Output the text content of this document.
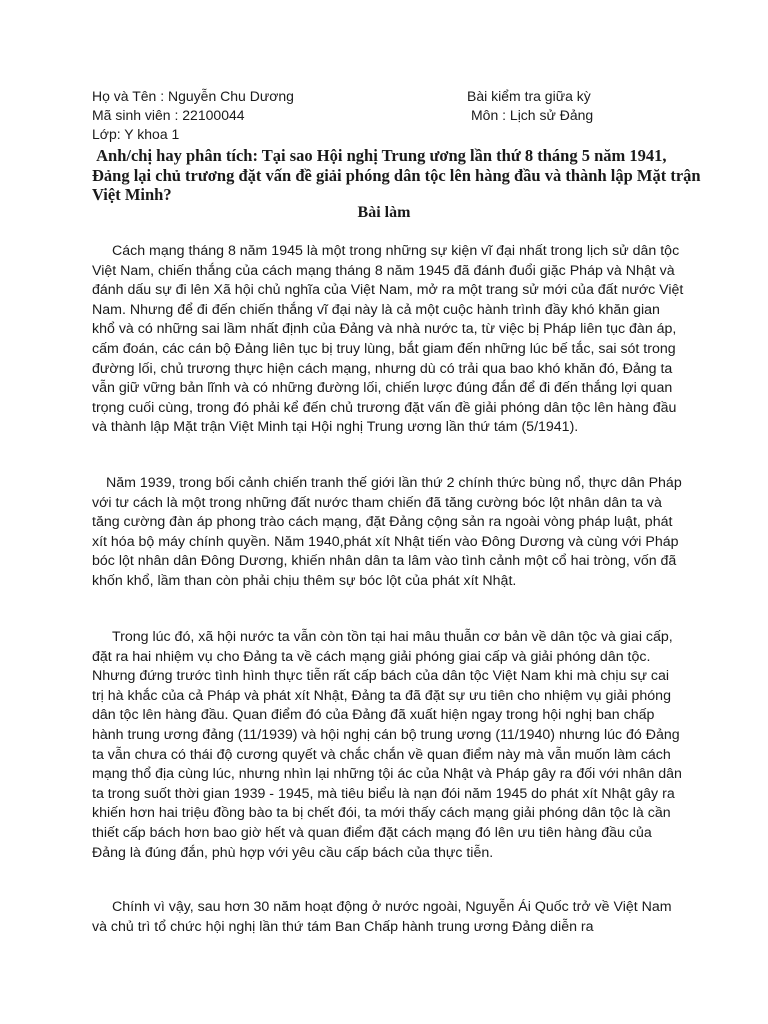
Họ và Tên : Nguyễn Chu Dương
Mã sinh viên : 22100044
Lớp: Y khoa 1
Bài kiểm tra giữa kỳ
Môn : Lịch sử Đảng
Anh/chị hay phân tích: Tại sao Hội nghị Trung ương lần thứ 8 tháng 5 năm 1941, Đảng lại chủ trương đặt vấn đề giải phóng dân tộc lên hàng đầu và thành lập Mặt trận Việt Minh?
Bài làm

Cách mạng tháng 8 năm 1945 là một trong những sự kiện vĩ đại nhất trong lịch sử dân tộc Việt Nam, chiến thắng của cách mạng tháng 8 năm 1945 đã đánh đuổi giặc Pháp và Nhật và đánh dấu sự đi lên Xã hội chủ nghĩa của Việt Nam, mở ra một trang sử mới của đất nước Việt Nam. Nhưng để đi đến chiến thắng vĩ đại này là cả một cuộc hành trình đầy khó khăn gian khổ và có những sai lầm nhất định của Đảng và nhà nước ta, từ việc bị Pháp liên tục đàn áp, cấm đoán, các cán bộ Đảng liên tục bị truy lùng, bắt giam đến những lúc bế tắc, sai sót trong đường lối, chủ trương thực hiện cách mạng, nhưng dù có trải qua bao khó khăn đó, Đảng ta vẫn giữ vững bản lĩnh và có những đường lối, chiến lược đúng đắn để đi đến thắng lợi quan trọng cuối cùng, trong đó phải kể đến chủ trương đặt vấn đề giải phóng dân tộc lên hàng đầu và thành lập Mặt trận Việt Minh tại Hội nghị Trung ương lần thứ tám (5/1941).

Năm 1939, trong bối cảnh chiến tranh thế giới lần thứ 2 chính thức bùng nổ, thực dân Pháp với tư cách là một trong những đất nước tham chiến đã tăng cường bóc lột nhân dân ta và tăng cường đàn áp phong trào cách mạng, đặt Đảng cộng sản ra ngoài vòng pháp luật, phát xít hóa bộ máy chính quyền. Năm 1940,phát xít Nhật tiến vào Đông Dương và cùng với Pháp bóc lột nhân dân Đông Dương, khiến nhân dân ta lâm vào tình cảnh một cổ hai tròng, vốn đã khốn khổ, lầm than còn phải chịu thêm sự bóc lột của phát xít Nhật.

Trong lúc đó, xã hội nước ta vẫn còn tồn tại hai mâu thuẫn cơ bản về dân tộc và giai cấp, đặt ra hai nhiệm vụ cho Đảng ta về cách mạng giải phóng giai cấp và giải phóng dân tộc. Nhưng đứng trước tình hình thực tiễn rất cấp bách của dân tộc Việt Nam khi mà chịu sự cai trị hà khắc của cả Pháp và phát xít Nhật, Đảng ta đã đặt sự ưu tiên cho nhiệm vụ giải phóng dân tộc lên hàng đầu. Quan điểm đó của Đảng đã xuất hiện ngay trong hội nghị ban chấp hành trung ương đảng (11/1939) và hội nghị cán bộ trung ương (11/1940) nhưng lúc đó Đảng ta vẫn chưa có thái độ cương quyết và chắc chắn về quan điểm này mà vẫn muốn làm cách mạng thổ địa cùng lúc, nhưng nhìn lại những tội ác của Nhật và Pháp gây ra đối với nhân dân ta trong suốt thời gian 1939 - 1945, mà tiêu biểu là nạn đói năm 1945 do phát xít Nhật gây ra khiến hơn hai triệu đồng bào ta bị chết đói, ta mới thấy cách mạng giải phóng dân tộc là cần thiết cấp bách hơn bao giờ hết và quan điểm đặt cách mạng đó lên ưu tiên hàng đầu của Đảng là đúng đắn, phù hợp với yêu cầu cấp bách của thực tiễn.

Chính vì vậy, sau hơn 30 năm hoạt động ở nước ngoài, Nguyễn Ái Quốc trở về Việt Nam và chủ trì tổ chức hội nghị lần thứ tám Ban Chấp hành trung ương Đảng diễn ra
